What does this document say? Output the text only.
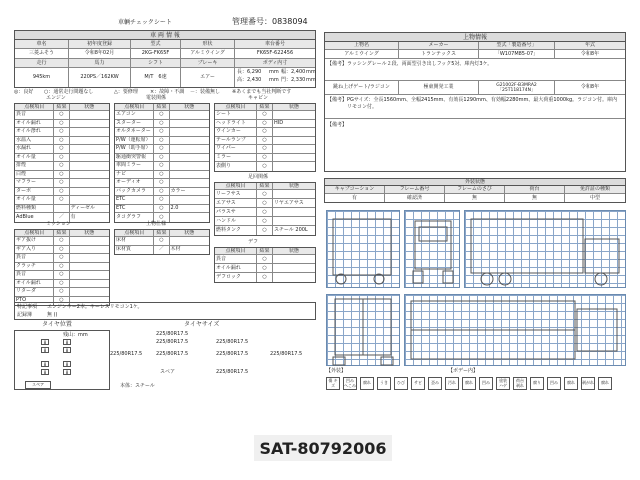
車輌チェックシート	管理番号：0838094
車 両 情 報
車名	初年度登録	型式	形状	車台番号
三菱ふそう	令和8年02月	2KG-FK65F	アルミウイング	FK65F-622456
走行	馬力	シフト	ブレーキ	ボディ内寸
945km	220PS／162KW	M/T　6速	エアー
長：6,290 mm 幅：2,400 mm
高：2,430 mm 門：2,330 mm
◎：良好 ○：通常走行問題なし	△：要修理 ×：故障・不調 －：装備無し ※あくまでも当社判断です
エンジン
点検項目	結果	状態
異音	○
オイル漏れ	○
オイル滲れ	○
水温入	○
水漏れ	○
オイル量	○
排煙	○
白煙	○
マフラー	○
ターボ	○
オイル量	○
燃料種類	ディーゼル
AdBlue	／	有
ミッション
点検項目	結果	状態
ギア抜け	○
ギア入り	○
異音	○
クラッチ	○
異音	○
オイル漏れ	○
リターダ	○
PTO	○
電装関係
点検項目	結果	状態
エアコン	○
スターター	○
オルタネーター	○
P/W（運転席）	○
P/W（助手席）	○
駆通衝突警報	○
車間ミラー	○
ナビ	○
オーディオ	○
バックカメラ	○	カラー
ETC	○
ETC	○	2.0
タコグラフ	○
上物仕様
点検項目	結果	状態
床材	○
床材質	／	木材
キャビン
点検項目	結果	状態
シート	○
ヘッドライト	○	HID
ウインカー	○
テールランプ	○
ワイパー	○
ミラー	○
表側り	○
足回関係
点検項目	結果	状態
リーフサス	○
エアサス	○	リヤエアサス
パラスサ	○
ハンドル	○
燃料タンク	○	スチール 200L
デフ
点検項目	結果	状態
異音	○
オイル漏れ	○
デフロック	○
特記事項 エンジンキー2本。キーレスリモコン1ケ。
記録簿	無 ()
タイヤ位置	タイヤサイズ
残山：mm
8	8
8	8
8	8
8	8
スペア
225/80R17.5
225/80R17.5	225/80R17.5
225/80R17.5	225/80R17.5	225/80R17.5	225/80R17.5
225/80R17.5
スペア
本体：スチール
上物情報
上物名	メーカー	型式「製造番号」	年式
アルミウイング	トランテックス	「W107M85-07」	令和8年
【備考】 ラッシングレール２段、両面型引き出しフック5対、庫内灯3ケ。
跳ね上げゲート/ラジコン	極東開発工業	G21002F-B3MRA2「25T118174N」	令和8年
【備考】 PGサイズ：全長1560mm、全幅2415mm、有効長1290mm、有効幅2280mm、最大荷重1000kg。ラジコン付。庫内リモコン付。
【備考】
外装状態
キャブコーション	フレーム番号	フレームのさび	荷台	免許証の種類
有	確認済	無	無	中型
【外装】	【ボデー内】
傷 キズ
凹み へこみ	腐れ	うき	ひび	サビ	歪み	汚れ	腐れ	凹み	塗装 ハゲ
荷台 剥れ	腐り	凹み	腐れ	剥がれ	腐れ
SAT-80792006
